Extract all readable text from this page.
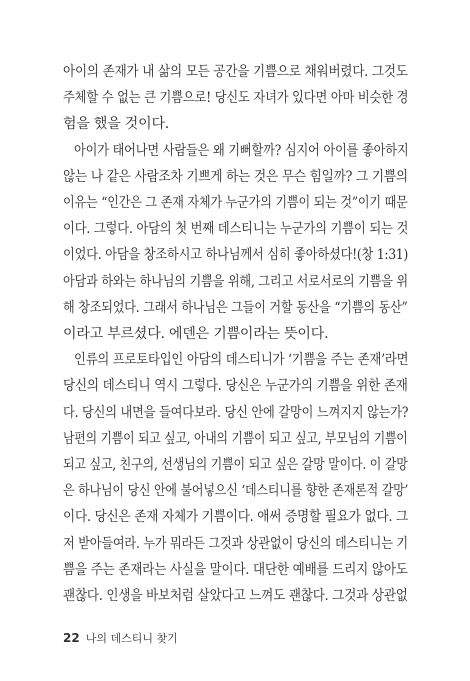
아이의 존재가 내 삶의 모든 공간을 기쁨으로 채워버렸다. 그것도
주체할 수 없는 큰 기쁨으로! 당신도 자녀가 있다면 아마 비슷한 경
험을 했을 것이다.
아이가 태어나면 사람들은 왜 기뻐할까? 심지어 아이를 좋아하지
않는 나 같은 사람조차 기쁘게 하는 것은 무슨 힘일까? 그 기쁨의
이유는 “인간은 그 존재 자체가 누군가의 기쁨이 되는 것”이기 때문
이다. 그렇다. 아담의 첫 번째 데스티니는 누군가의 기쁨이 되는 것
이었다. 아담을 창조하시고 하나님께서 심히 좋아하셨다!(창 1:31)
아담과 하와는 하나님의 기쁨을 위해, 그리고 서로서로의 기쁨을 위
해 창조되었다. 그래서 하나님은 그들이 거할 동산을 “기쁨의 동산”
이라고 부르셨다. 에덴은 기쁨이라는 뜻이다.
인류의 프로토타입인 아담의 데스티니가 ‘기쁨을 주는 존재’라면
당신의 데스티니 역시 그렇다. 당신은 누군가의 기쁨을 위한 존재
다. 당신의 내면을 들여다보라. 당신 안에 갈망이 느껴지지 않는가?
남편의 기쁨이 되고 싶고, 아내의 기쁨이 되고 싶고, 부모님의 기쁨이
되고 싶고, 친구의, 선생님의 기쁨이 되고 싶은 갈망 말이다. 이 갈망
은 하나님이 당신 안에 불어넣으신 ‘데스티니를 향한 존재론적 갈망’
이다. 당신은 존재 자체가 기쁨이다. 애써 증명할 필요가 없다. 그
저 받아들여라. 누가 뭐라든 그것과 상관없이 당신의 데스티니는 기
쁨을 주는 존재라는 사실을 말이다. 대단한 예배를 드리지 않아도
괜찮다. 인생을 바보처럼 살았다고 느껴도 괜찮다. 그것과 상관없
22 나의 데스티니 찾기
